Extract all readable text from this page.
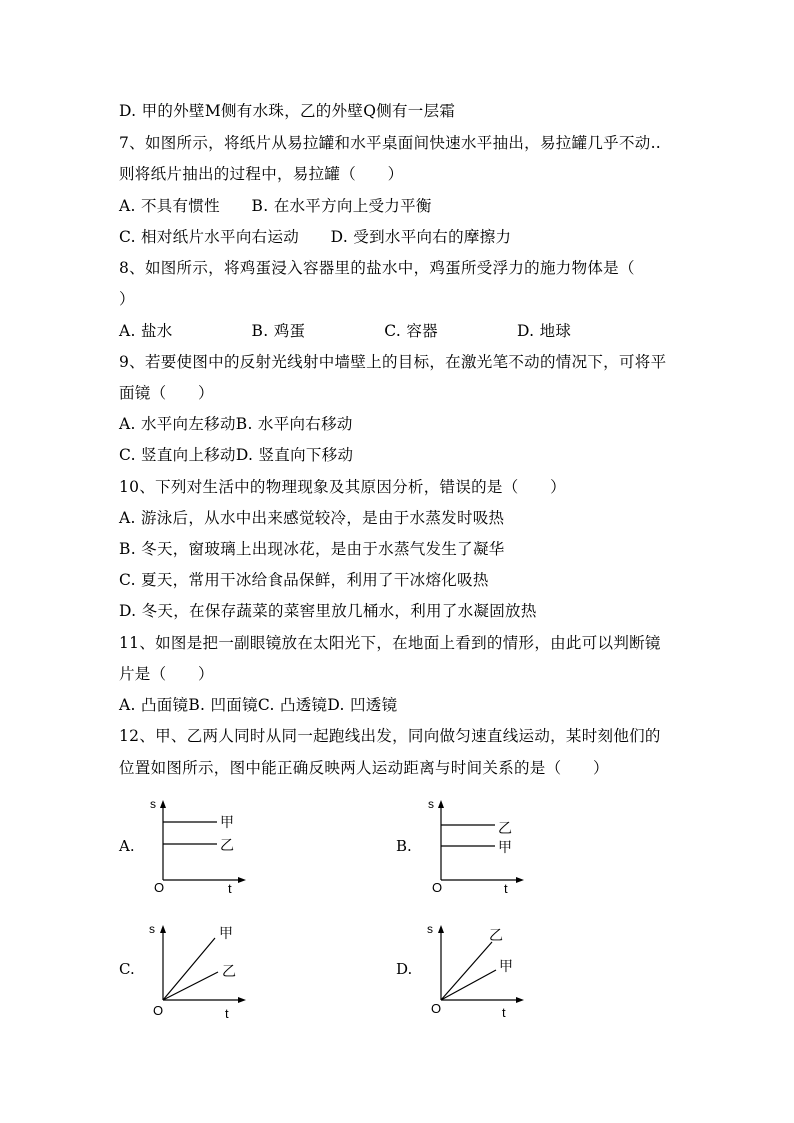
D. 甲的外壁M侧有水珠，乙的外壁Q侧有一层霜
7、如图所示，将纸片从易拉罐和水平桌面间快速水平抽出，易拉罐几乎不动..
则将纸片抽出的过程中，易拉罐（　　）
A. 不具有惯性　　B. 在水平方向上受力平衡
C. 相对纸片水平向右运动　　D. 受到水平向右的摩擦力
8、如图所示，将鸡蛋浸入容器里的盐水中，鸡蛋所受浮力的施力物体是（
）
A. 盐水　　　　　B. 鸡蛋　　　　　C. 容器　　　　　D. 地球
9、若要使图中的反射光线射中墙壁上的目标，在激光笔不动的情况下，可将平
面镜（　　）
A. 水平向左移动B. 水平向右移动
C. 竖直向上移动D. 竖直向下移动
10、下列对生活中的物理现象及其原因分析，错误的是（　　）
A. 游泳后，从水中出来感觉较冷，是由于水蒸发时吸热
B. 冬天，窗玻璃上出现冰花，是由于水蒸气发生了凝华
C. 夏天，常用干冰给食品保鲜，利用了干冰熔化吸热
D. 冬天，在保存蔬菜的菜窖里放几桶水，利用了水凝固放热
11、如图是把一副眼镜放在太阳光下，在地面上看到的情形，由此可以判断镜
片是（　　）
A. 凸面镜B. 凹面镜C. 凸透镜D. 凹透镜
12、甲、乙两人同时从同一起跑线出发，同向做匀速直线运动，某时刻他们的
位置如图所示，图中能正确反映两人运动距离与时间关系的是（　　）
A.
s
O	t
甲
乙	B.
s
O	t
乙
甲
C.
s
O	t
甲
乙	D.
s
O	t
乙
甲
